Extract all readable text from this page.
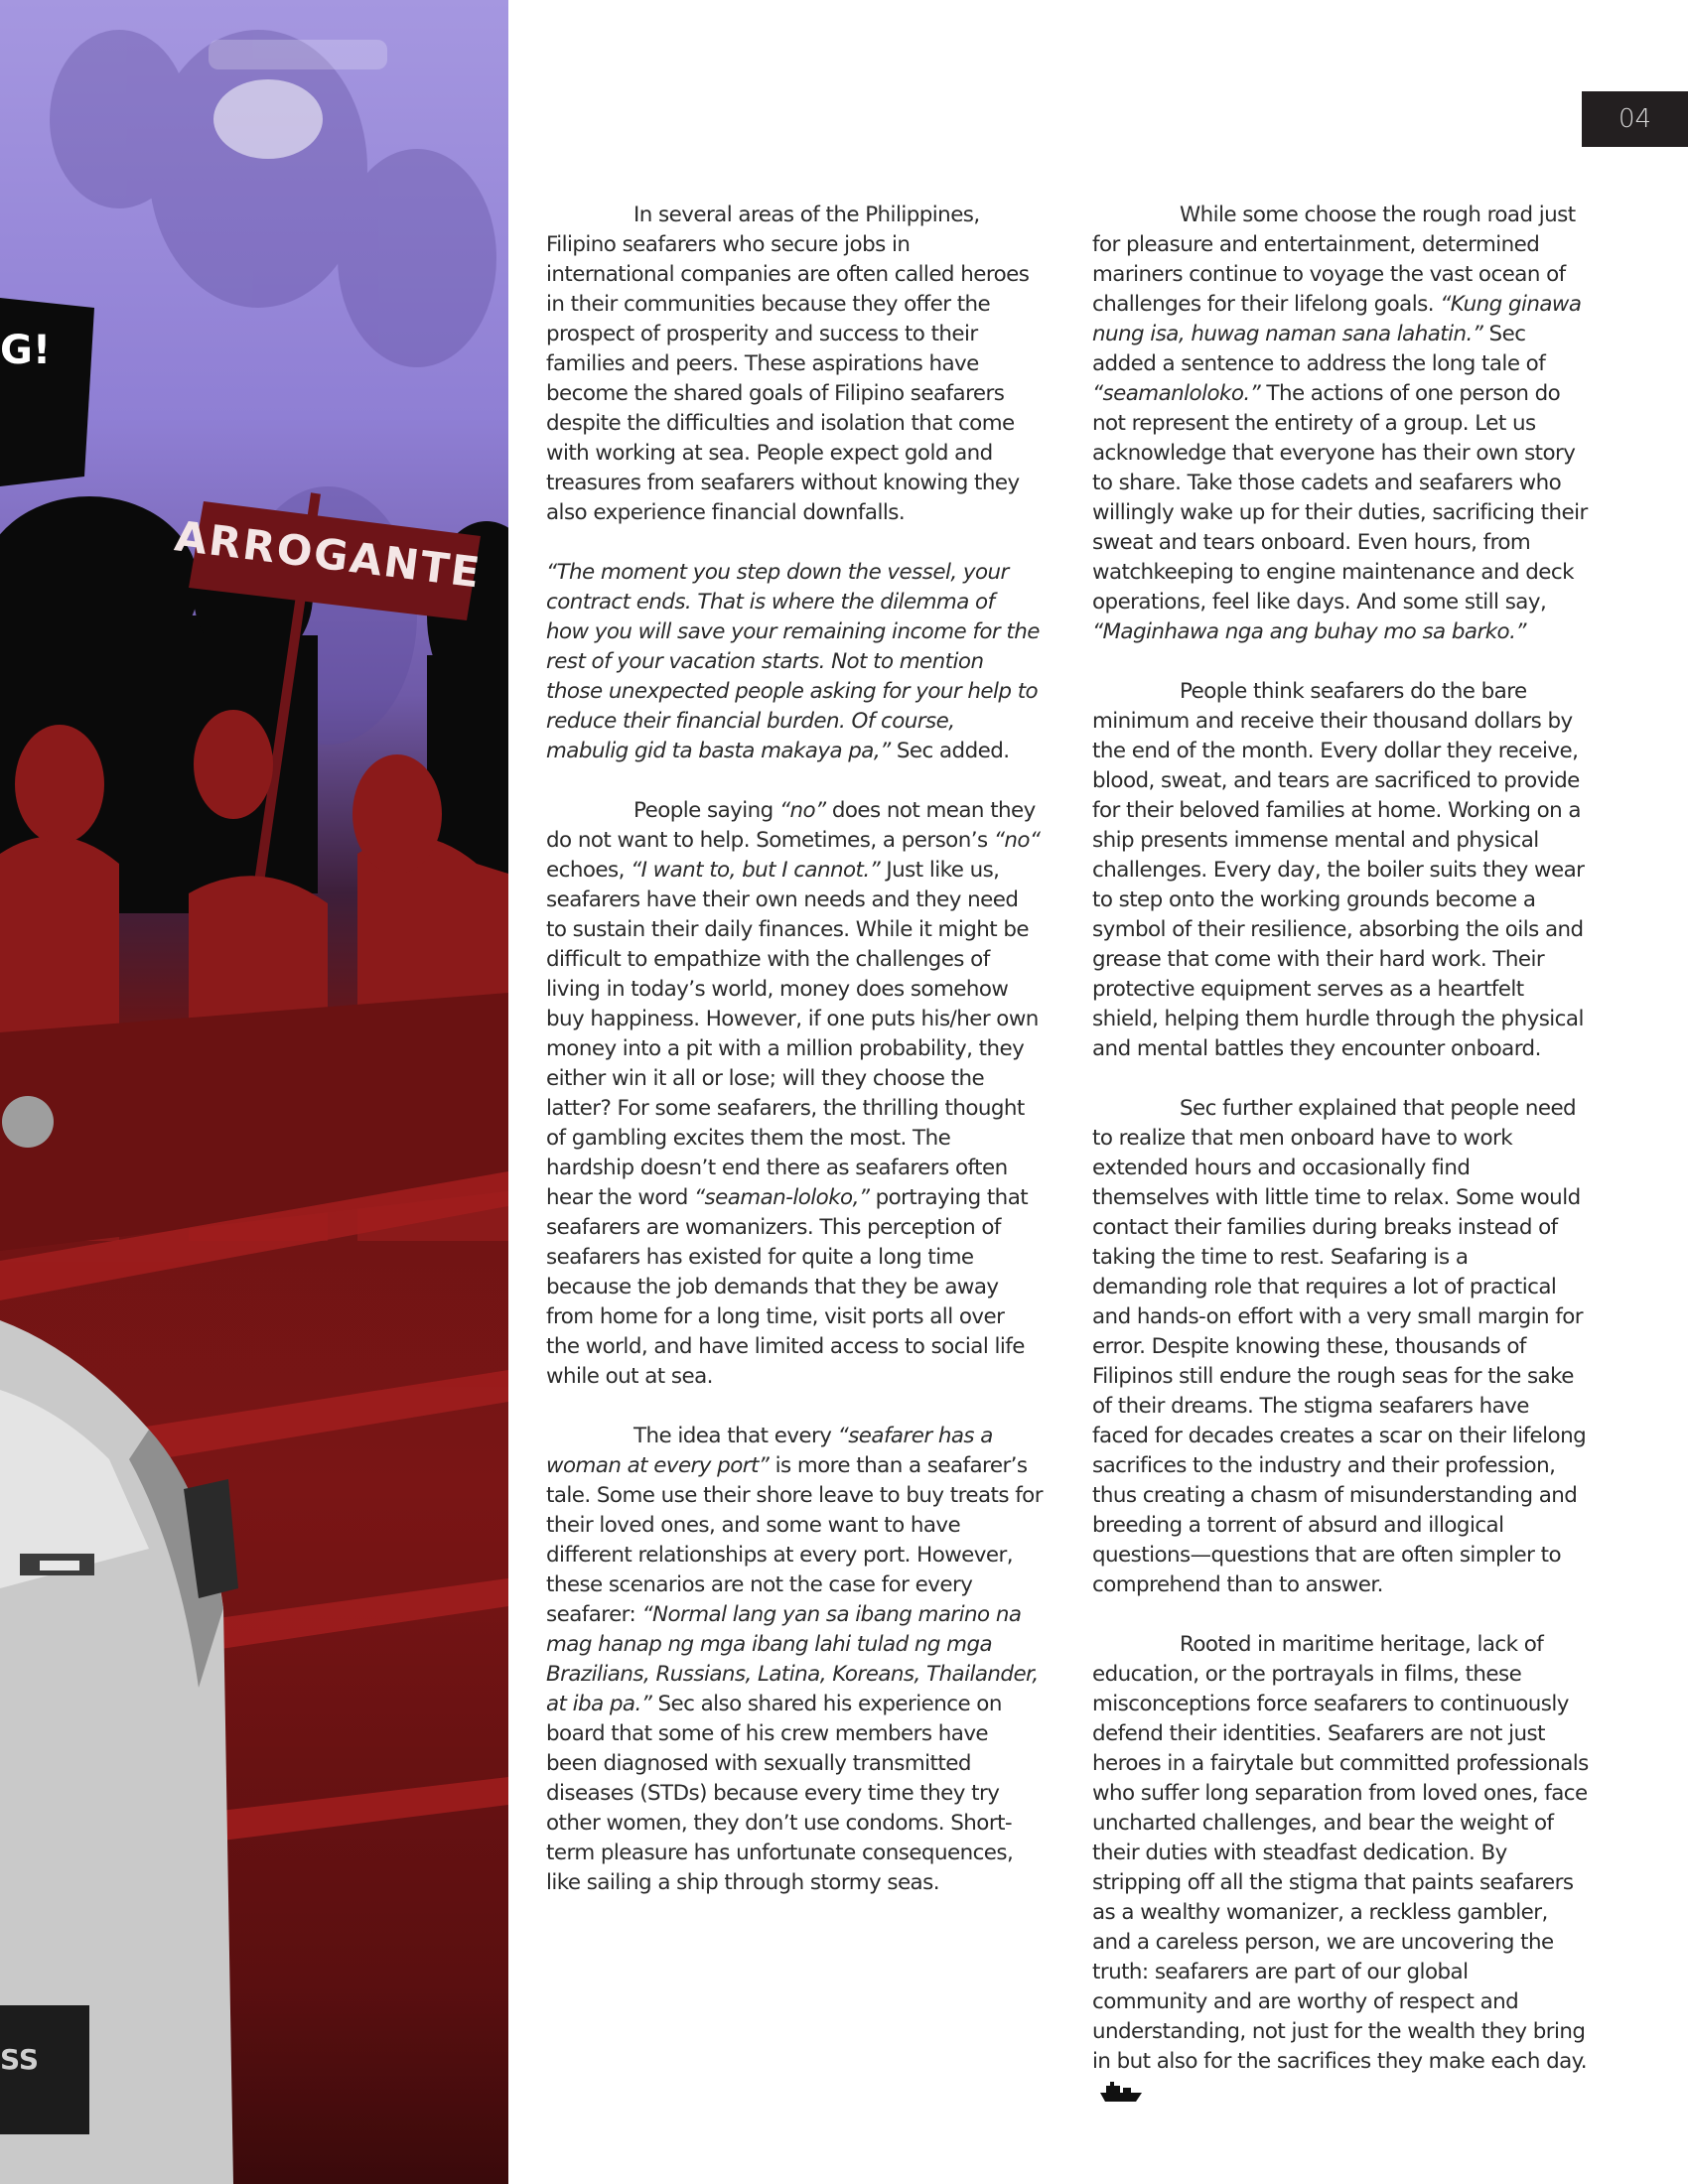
ARROGANTE
G!
SS
04

In several areas of the Philippines, Filipino seafarers who secure jobs in international companies are often called heroes in their communities because they offer the prospect of prosperity and success to their families and peers. These aspirations have become the shared goals of Filipino seafarers despite the difficulties and isolation that come with working at sea. People expect gold and treasures from seafarers without knowing they also experience financial downfalls.

“The moment you step down the vessel, your contract ends. That is where the dilemma of how you will save your remaining income for the rest of your vacation starts. Not to mention those unexpected people asking for your help to reduce their financial burden. Of course, mabulig gid ta basta makaya pa,” Sec added.

People saying “no” does not mean they do not want to help. Sometimes, a person’s “no“ echoes, “I want to, but I cannot.” Just like us, seafarers have their own needs and they need to sustain their daily finances. While it might be difficult to empathize with the challenges of living in today’s world, money does somehow buy happiness. However, if one puts his/her own money into a pit with a million probability, they either win it all or lose; will they choose the latter? For some seafarers, the thrilling thought of gambling excites them the most. The hardship doesn’t end there as seafarers often hear the word “seaman-loloko,” portraying that seafarers are womanizers. This perception of seafarers has existed for quite a long time because the job demands that they be away from home for a long time, visit ports all over the world, and have limited access to social life while out at sea.

The idea that every “seafarer has a woman at every port” is more than a seafarer’s tale. Some use their shore leave to buy treats for their loved ones, and some want to have different relationships at every port. However, these scenarios are not the case for every seafarer: “Normal lang yan sa ibang marino na mag hanap ng mga ibang lahi tulad ng mga Brazilians, Russians, Latina, Koreans, Thailander, at iba pa.” Sec also shared his experience on board that some of his crew members have been diagnosed with sexually transmitted diseases (STDs) because every time they try other women, they don’t use condoms. Short-term pleasure has unfortunate consequences, like sailing a ship through stormy seas.

While some choose the rough road just for pleasure and entertainment, determined mariners continue to voyage the vast ocean of challenges for their lifelong goals. “Kung ginawa nung isa, huwag naman sana lahatin.” Sec added a sentence to address the long tale of “seamanloloko.” The actions of one person do not represent the entirety of a group. Let us acknowledge that everyone has their own story to share. Take those cadets and seafarers who willingly wake up for their duties, sacrificing their sweat and tears onboard. Even hours, from watchkeeping to engine maintenance and deck operations, feel like days. And some still say, “Maginhawa nga ang buhay mo sa barko.”

People think seafarers do the bare minimum and receive their thousand dollars by the end of the month. Every dollar they receive, blood, sweat, and tears are sacrificed to provide for their beloved families at home. Working on a ship presents immense mental and physical challenges. Every day, the boiler suits they wear to step onto the working grounds become a symbol of their resilience, absorbing the oils and grease that come with their hard work. Their protective equipment serves as a heartfelt shield, helping them hurdle through the physical and mental battles they encounter onboard.

Sec further explained that people need to realize that men onboard have to work extended hours and occasionally find themselves with little time to relax. Some would contact their families during breaks instead of taking the time to rest. Seafaring is a demanding role that requires a lot of practical and hands-on effort with a very small margin for error. Despite knowing these, thousands of Filipinos still endure the rough seas for the sake of their dreams. The stigma seafarers have faced for decades creates a scar on their lifelong sacrifices to the industry and their profession, thus creating a chasm of misunderstanding and breeding a torrent of absurd and illogical questions—questions that are often simpler to comprehend than to answer.

Rooted in maritime heritage, lack of education, or the portrayals in films, these misconceptions force seafarers to continuously defend their identities. Seafarers are not just heroes in a fairytale but committed professionals who suffer long separation from loved ones, face uncharted challenges, and bear the weight of their duties with steadfast dedication. By stripping off all the stigma that paints seafarers as a wealthy womanizer, a reckless gambler, and a careless person, we are uncovering the truth: seafarers are part of our global community and are worthy of respect and understanding, not just for the wealth they bring in but also for the sacrifices they make each day.
